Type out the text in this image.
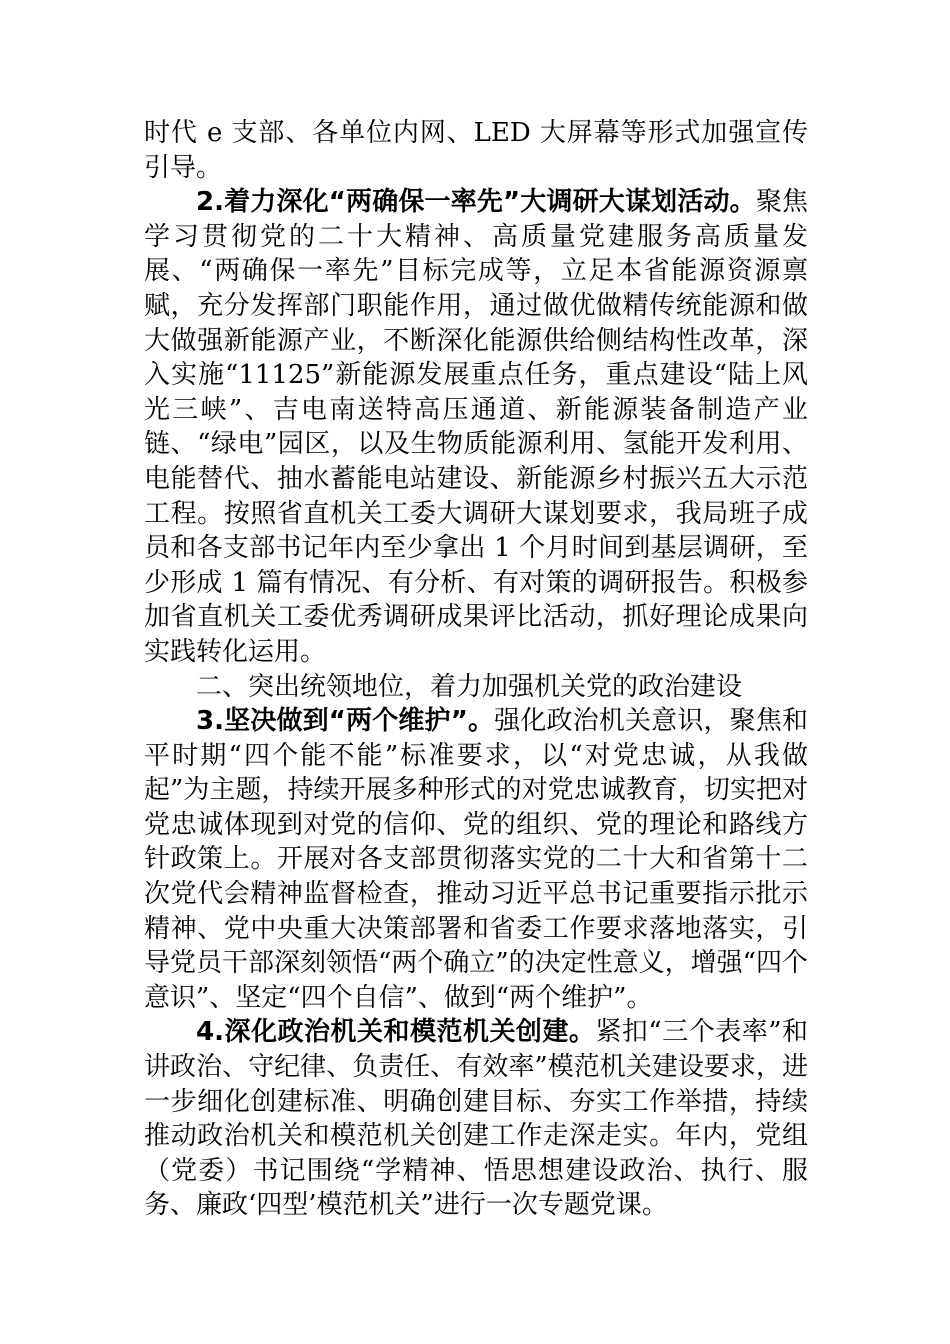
时代 e 支部、各单位内网、LED 大屏幕等形式加强宣传引导。

2.着力深化“两确保一率先”大调研大谋划活动。聚焦学习贯彻党的二十大精神、高质量党建服务高质量发展、“两确保一率先”目标完成等，立足本省能源资源禀赋，充分发挥部门职能作用，通过做优做精传统能源和做大做强新能源产业，不断深化能源供给侧结构性改革，深入实施“11125”新能源发展重点任务，重点建设“陆上风光三峡”、吉电南送特高压通道、新能源装备制造产业链、“绿电”园区，以及生物质能源利用、氢能开发利用、电能替代、抽水蓄能电站建设、新能源乡村振兴五大示范工程。按照省直机关工委大调研大谋划要求，我局班子成员和各支部书记年内至少拿出 1 个月时间到基层调研，至少形成 1 篇有情况、有分析、有对策的调研报告。积极参加省直机关工委优秀调研成果评比活动，抓好理论成果向实践转化运用。

二、突出统领地位，着力加强机关党的政治建设

3.坚决做到“两个维护”。强化政治机关意识，聚焦和平时期“四个能不能”标准要求，以“对党忠诚，从我做起”为主题，持续开展多种形式的对党忠诚教育，切实把对党忠诚体现到对党的信仰、党的组织、党的理论和路线方针政策上。开展对各支部贯彻落实党的二十大和省第十二次党代会精神监督检查，推动习近平总书记重要指示批示精神、党中央重大决策部署和省委工作要求落地落实，引导党员干部深刻领悟“两个确立”的决定性意义，增强“四个意识”、坚定“四个自信”、做到“两个维护”。

4.深化政治机关和模范机关创建。紧扣“三个表率”和讲政治、守纪律、负责任、有效率”模范机关建设要求，进一步细化创建标准、明确创建目标、夯实工作举措，持续推动政治机关和模范机关创建工作走深走实。年内，党组（党委）书记围绕“学精神、悟思想建设政治、执行、服务、廉政‘四型’模范机关”进行一次专题党课。
